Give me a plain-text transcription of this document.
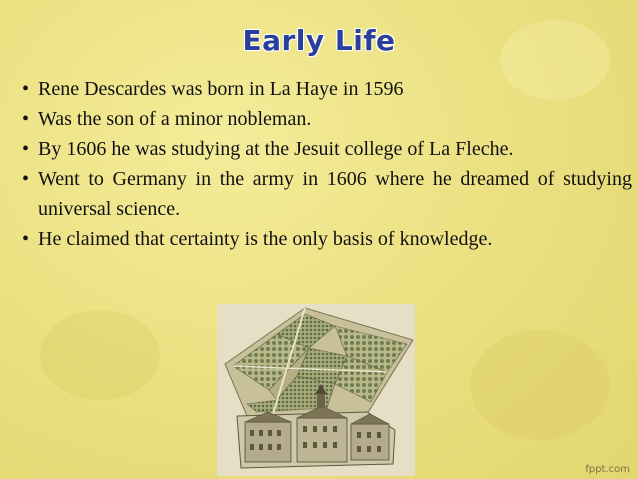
Early Life
• Rene Descardes was born in La Haye in 1596
• Was the son of a minor nobleman.
• By 1606 he was studying at the Jesuit college of La Fleche.
• Went to Germany in the army in 1606 where he dreamed of studying universal science.
• He claimed that certainty is the only basis of knowledge.
fppt.com
